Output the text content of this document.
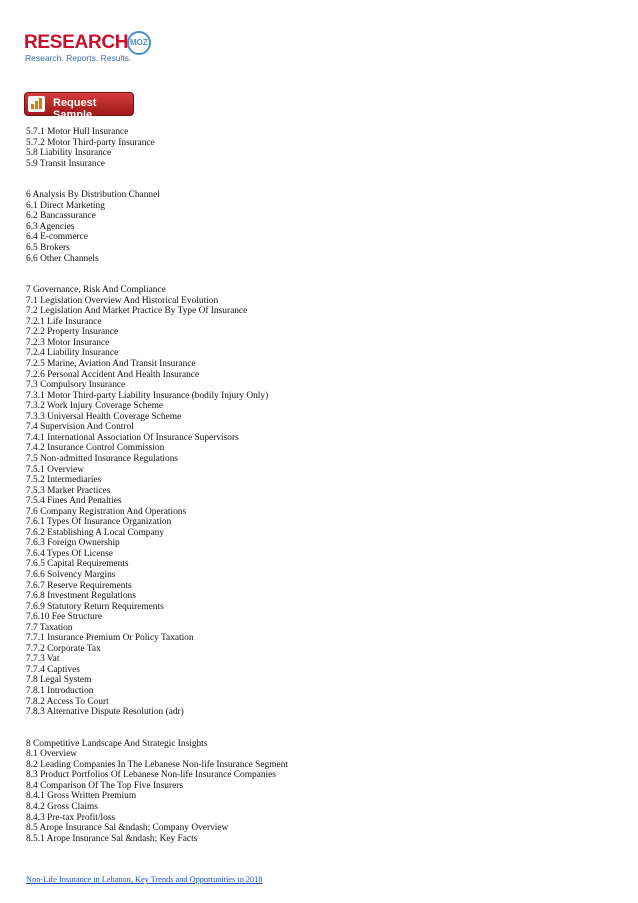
RESEARCH MOZ
Research. Reports. Results.
Request Sample
5.7.1 Motor Hull Insurance
5.7.2 Motor Third-party Insurance
5.8 Liability Insurance
5.9 Transit Insurance
6 Analysis By Distribution Channel
6.1 Direct Marketing
6.2 Bancassurance
6.3 Agencies
6.4 E-commerce
6.5 Brokers
6.6 Other Channels
7 Governance, Risk And Compliance
7.1 Legislation Overview And Historical Evolution
7.2 Legislation And Market Practice By Type Of Insurance
7.2.1 Life Insurance
7.2.2 Property Insurance
7.2.3 Motor Insurance
7.2.4 Liability Insurance
7.2.5 Marine, Aviation And Transit Insurance
7.2.6 Personal Accident And Health Insurance
7.3 Compulsory Insurance
7.3.1 Motor Third-party Liability Insurance (bodily Injury Only)
7.3.2 Work Injury Coverage Scheme
7.3.3 Universal Health Coverage Scheme
7.4 Supervision And Control
7.4.1 International Association Of Insurance Supervisors
7.4.2 Insurance Control Commission
7.5 Non-admitted Insurance Regulations
7.5.1 Overview
7.5.2 Intermediaries
7.5.3 Market Practices
7.5.4 Fines And Penalties
7.6 Company Registration And Operations
7.6.1 Types Of Insurance Organization
7.6.2 Establishing A Local Company
7.6.3 Foreign Ownership
7.6.4 Types Of License
7.6.5 Capital Requirements
7.6.6 Solvency Margins
7.6.7 Reserve Requirements
7.6.8 Investment Regulations
7.6.9 Statutory Return Requirements
7.6.10 Fee Structure
7.7 Taxation
7.7.1 Insurance Premium Or Policy Taxation
7.7.2 Corporate Tax
7.7.3 Vat
7.7.4 Captives
7.8 Legal System
7.8.1 Introduction
7.8.2 Access To Court
7.8.3 Alternative Dispute Resolution (adr)
8 Competitive Landscape And Strategic Insights
8.1 Overview
8.2 Leading Companies In The Lebanese Non-life Insurance Segment
8.3 Product Portfolios Of Lebanese Non-life Insurance Companies
8.4 Comparison Of The Top Five Insurers
8.4.1 Gross Written Premium
8.4.2 Gross Claims
8.4.3 Pre-tax Profit/loss
8.5 Arope Insurance Sal &ndash; Company Overview
8.5.1 Arope Insurance Sal &ndash; Key Facts
Non-Life Insurance in Lebanon, Key Trends and Opportunities to 2018
